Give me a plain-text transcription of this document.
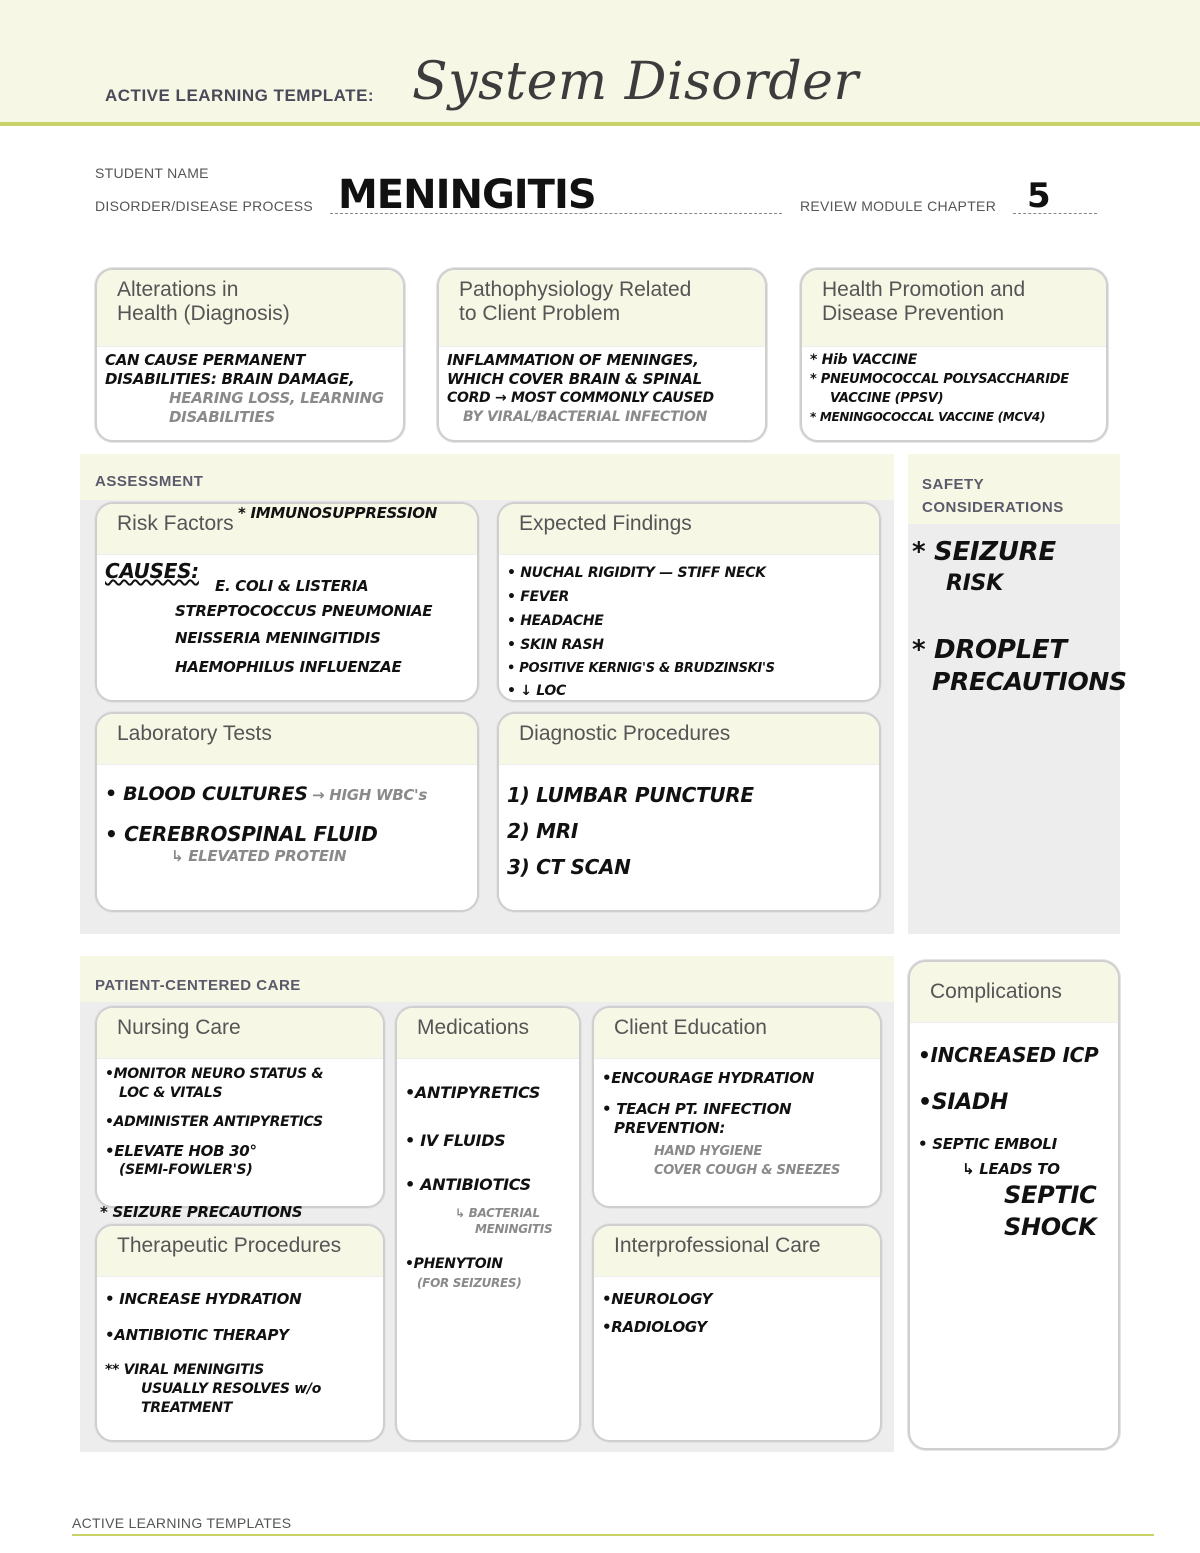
ACTIVE LEARNING TEMPLATE: System Disorder
STUDENT NAME
DISORDER/DISEASE PROCESS MENINGITIS	REVIEW MODULE CHAPTER 5
Alterations in
Health (Diagnosis)
CAN CAUSE PERMANENT
DISABILITIES: BRAIN DAMAGE,
HEARING LOSS, LEARNING
DISABILITIES
Pathophysiology Related
to Client Problem
INFLAMMATION OF MENINGES,
WHICH COVER BRAIN & SPINAL
CORD → MOST COMMONLY CAUSED
BY VIRAL/BACTERIAL INFECTION
Health Promotion and
Disease Prevention
* Hib VACCINE
* PNEUMOCOCCAL POLYSACCHARIDE
VACCINE (PPSV)
* MENINGOCOCCAL VACCINE (MCV4)
ASSESSMENT
Risk Factors
CAUSES:
E. COLI & LISTERIA
STREPTOCOCCUS PNEUMONIAE
NEISSERIA MENINGITIDIS
HAEMOPHILUS INFLUENZAE
* IMMUNOSUPPRESSION	Expected Findings
• NUCHAL RIGIDITY — STIFF NECK
• FEVER
• HEADACHE
• SKIN RASH
• POSITIVE KERNIG'S & BRUDZINSKI'S
• ↓ LOC
Laboratory Tests
• BLOOD CULTURES → HIGH WBC's
• CEREBROSPINAL FLUID
↳ ELEVATED PROTEIN
Diagnostic Procedures
1) LUMBAR PUNCTURE
2) MRI
3) CT SCAN
SAFETY
CONSIDERATIONS
* SEIZURE
RISK
* DROPLET
PRECAUTIONS
PATIENT-CENTERED CARE
Nursing Care
•MONITOR NEURO STATUS &
LOC & VITALS
•ADMINISTER ANTIPYRETICS
•ELEVATE HOB 30°
(SEMI-FOWLER'S)
* SEIZURE PRECAUTIONS
Medications
•ANTIPYRETICS
• IV FLUIDS
• ANTIBIOTICS
↳ BACTERIAL
MENINGITIS
•PHENYTOIN
(FOR SEIZURES)
Client Education
•ENCOURAGE HYDRATION
• TEACH PT. INFECTION
PREVENTION:
HAND HYGIENE
COVER COUGH & SNEEZES
Therapeutic Procedures
• INCREASE HYDRATION
•ANTIBIOTIC THERAPY
** VIRAL MENINGITIS
USUALLY RESOLVES w/o
TREATMENT
Interprofessional Care
•NEUROLOGY
•RADIOLOGY
Complications
•INCREASED ICP
•SIADH
• SEPTIC EMBOLI
↳ LEADS TO
SEPTIC
SHOCK
ACTIVE LEARNING TEMPLATES
